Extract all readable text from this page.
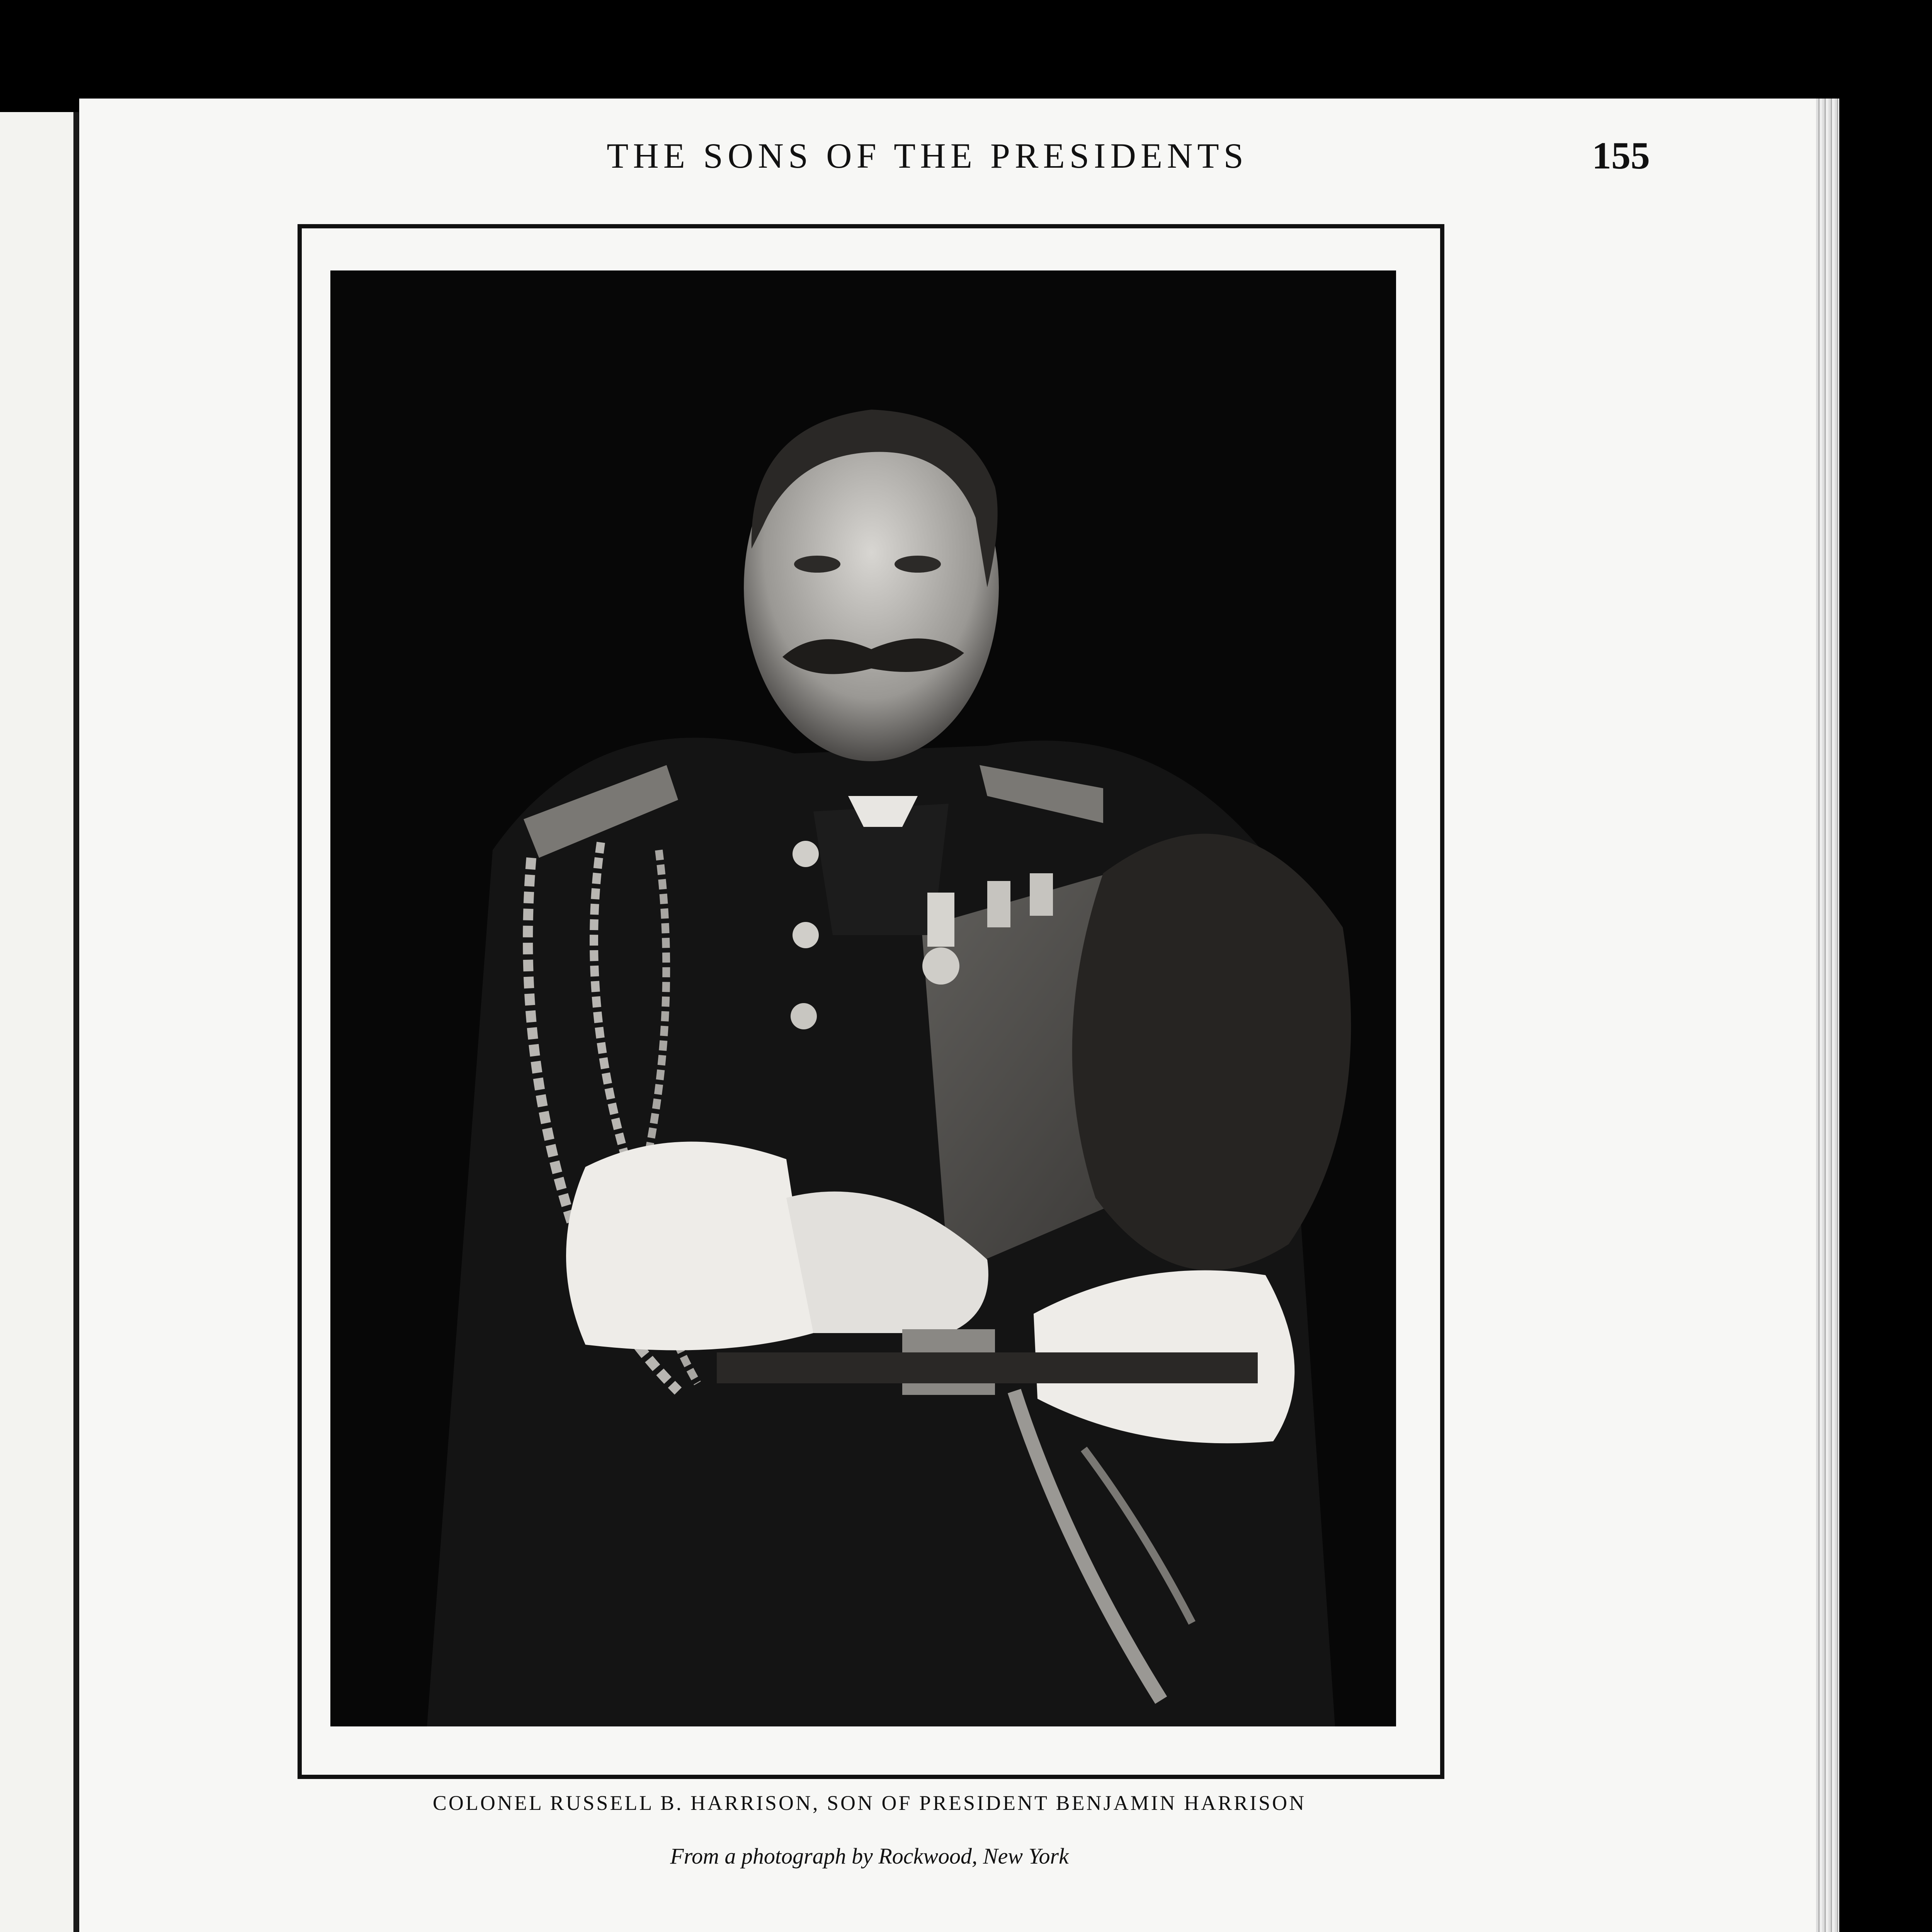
THE SONS OF THE PRESIDENTS	155
COLONEL RUSSELL B. HARRISON, SON OF PRESIDENT BENJAMIN HARRISON
From a photograph by Rockwood, New York
